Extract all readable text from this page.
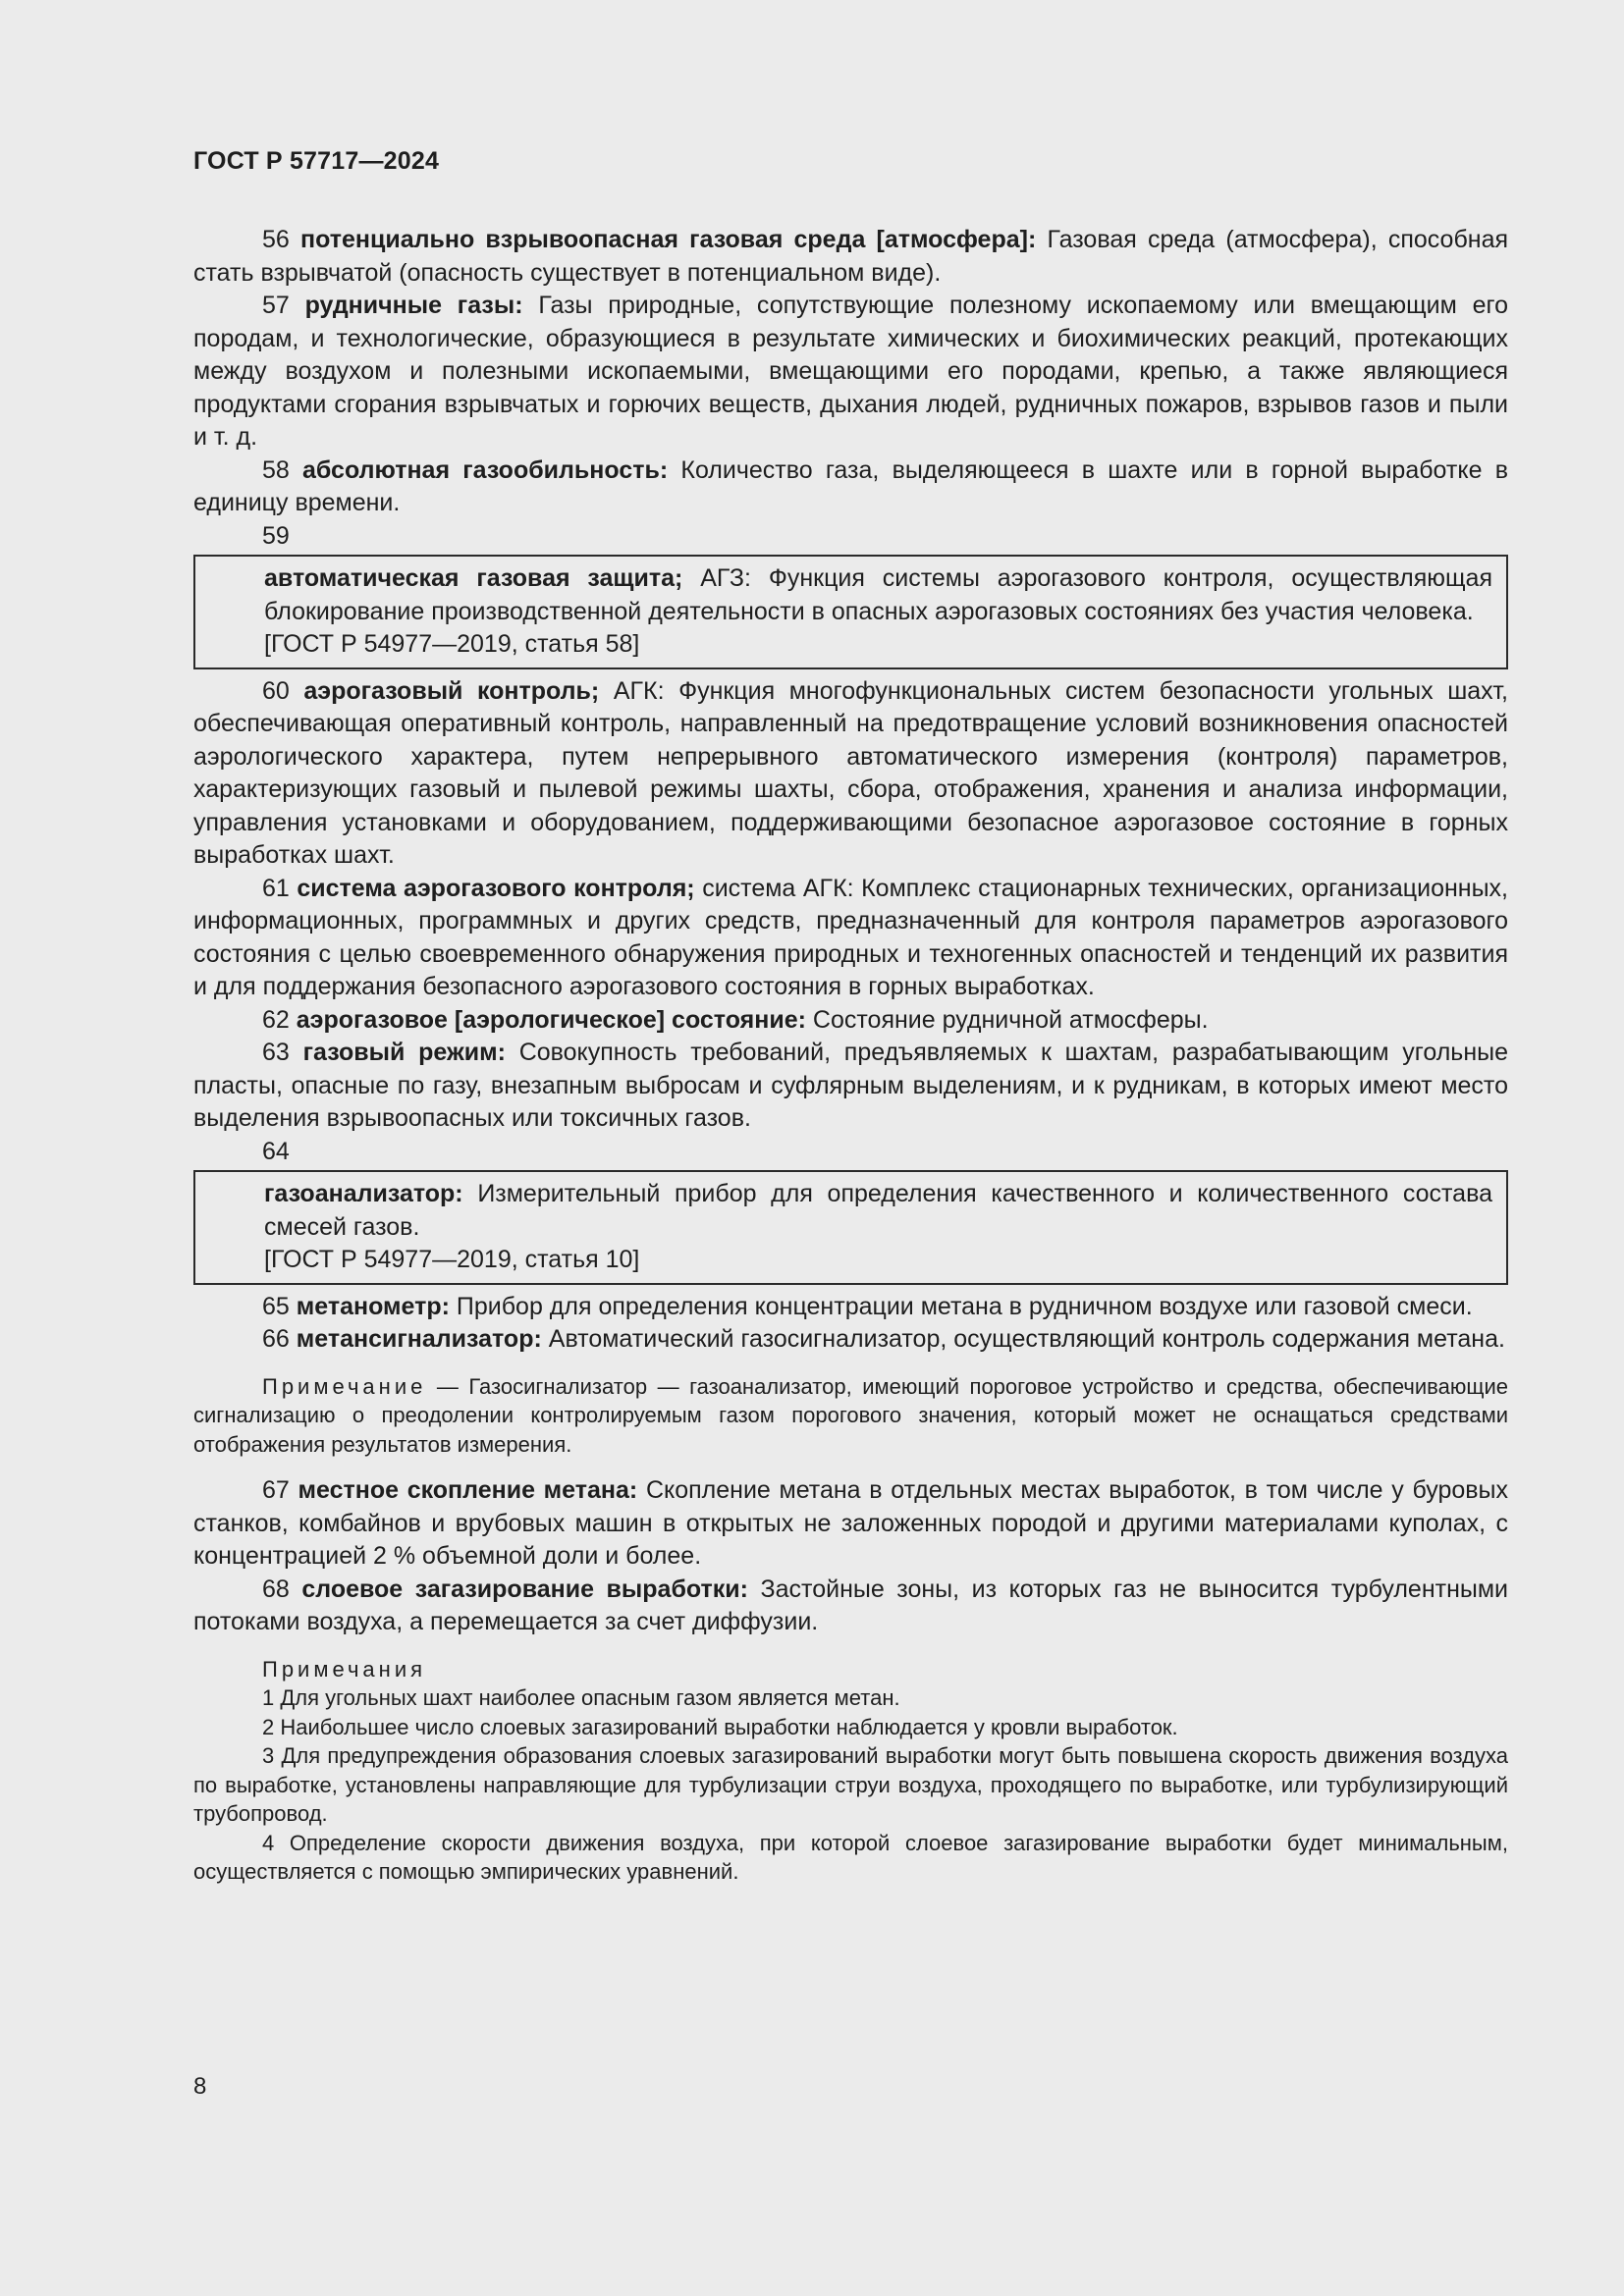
ГОСТ Р 57717—2024

56 потенциально взрывоопасная газовая среда [атмосфера]: Газовая среда (атмосфера), способная стать взрывчатой (опасность существует в потенциальном виде).

57 рудничные газы: Газы природные, сопутствующие полезному ископаемому или вмещающим его породам, и технологические, образующиеся в результате химических и биохимических реакций, протекающих между воздухом и полезными ископаемыми, вмещающими его породами, крепью, а также являющиеся продуктами сгорания взрывчатых и горючих веществ, дыхания людей, рудничных пожаров, взрывов газов и пыли и т. д.

58 абсолютная газообильность: Количество газа, выделяющееся в шахте или в горной выработке в единицу времени.

59

автоматическая газовая защита; АГЗ: Функция системы аэрогазового контроля, осуществляющая блокирование производственной деятельности в опасных аэрогазовых состояниях без участия человека.

[ГОСТ Р 54977—2019, статья 58]

60 аэрогазовый контроль; АГК: Функция многофункциональных систем безопасности угольных шахт, обеспечивающая оперативный контроль, направленный на предотвращение условий возникновения опасностей аэрологического характера, путем непрерывного автоматического измерения (контроля) параметров, характеризующих газовый и пылевой режимы шахты, сбора, отображения, хранения и анализа информации, управления установками и оборудованием, поддерживающими безопасное аэрогазовое состояние в горных выработках шахт.

61 система аэрогазового контроля; система АГК: Комплекс стационарных технических, организационных, информационных, программных и других средств, предназначенный для контроля параметров аэрогазового состояния с целью своевременного обнаружения природных и техногенных опасностей и тенденций их развития и для поддержания безопасного аэрогазового состояния в горных выработках.

62 аэрогазовое [аэрологическое] состояние: Состояние рудничной атмосферы.

63 газовый режим: Совокупность требований, предъявляемых к шахтам, разрабатывающим угольные пласты, опасные по газу, внезапным выбросам и суфлярным выделениям, и к рудникам, в которых имеют место выделения взрывоопасных или токсичных газов.

64

газоанализатор: Измерительный прибор для определения качественного и количественного состава смесей газов.

[ГОСТ Р 54977—2019, статья 10]

65 метанометр: Прибор для определения концентрации метана в рудничном воздухе или газовой смеси.

66 метансигнализатор: Автоматический газосигнализатор, осуществляющий контроль содержания метана.

Примечание — Газосигнализатор — газоанализатор, имеющий пороговое устройство и средства, обеспечивающие сигнализацию о преодолении контролируемым газом порогового значения, который может не оснащаться средствами отображения результатов измерения.

67 местное скопление метана: Скопление метана в отдельных местах выработок, в том числе у буровых станков, комбайнов и врубовых машин в открытых не заложенных породой и другими материалами куполах, с концентрацией 2 % объемной доли и более.

68 слоевое загазирование выработки: Застойные зоны, из которых газ не выносится турбулентными потоками воздуха, а перемещается за счет диффузии.

Примечания

1 Для угольных шахт наиболее опасным газом является метан.

2 Наибольшее число слоевых загазирований выработки наблюдается у кровли выработок.

3 Для предупреждения образования слоевых загазирований выработки могут быть повышена скорость движения воздуха по выработке, установлены направляющие для турбулизации струи воздуха, проходящего по выработке, или турбулизирующий трубопровод.

4 Определение скорости движения воздуха, при которой слоевое загазирование выработки будет минимальным, осуществляется с помощью эмпирических уравнений.

8
